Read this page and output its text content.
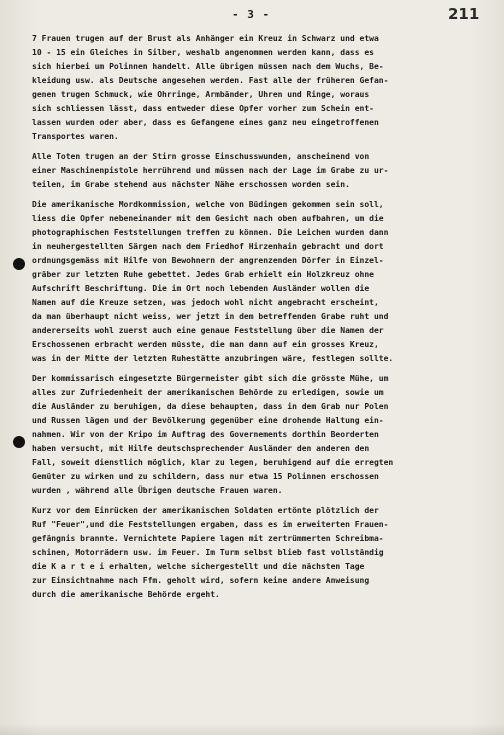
- 3 -	211
7 Frauen trugen auf der Brust als Anhänger ein Kreuz in Schwarz und etwa
10 - 15 ein Gleiches in Silber, weshalb angenommen werden kann, dass es
sich hierbei um Polinnen handelt. Alle übrigen müssen nach dem Wuchs, Be-
kleidung usw. als Deutsche angesehen werden. Fast alle der früheren Gefan-
genen trugen Schmuck, wie Ohrringe, Armbänder, Uhren und Ringe, woraus
sich schliessen lässt, dass entweder diese Opfer vorher zum Schein ent-
lassen wurden oder aber, dass es Gefangene eines ganz neu eingetroffenen
Transportes waren.
Alle Toten trugen an der Stirn grosse Einschusswunden, anscheinend von
einer Maschinenpistole herrührend und müssen nach der Lage im Grabe zu ur-
teilen, im Grabe stehend aus nächster Nähe erschossen worden sein.
Die amerikanische Mordkommission, welche von Büdingen gekommen sein soll,
liess die Opfer nebeneinander mit dem Gesicht nach oben aufbahren, um die
photographischen Feststellungen treffen zu können. Die Leichen wurden dann
in neuhergestellten Särgen nach dem Friedhof Hirzenhain gebracht und dort
ordnungsgemäss mit Hilfe von Bewohnern der angrenzenden Dörfer in Einzel-
gräber zur letzten Ruhe gebettet. Jedes Grab erhielt ein Holzkreuz ohne
Aufschrift Beschriftung. Die im Ort noch lebenden Ausländer wollen die
Namen auf die Kreuze setzen, was jedoch wohl nicht angebracht erscheint,
da man überhaupt nicht weiss, wer jetzt in dem betreffenden Grabe ruht und
andererseits wohl zuerst auch eine genaue Feststellung über die Namen der
Erschossenen erbracht werden müsste, die man dann auf ein grosses Kreuz,
was in der Mitte der letzten Ruhestätte anzubringen wäre, festlegen sollte.
Der kommissarisch eingesetzte Bürgermeister gibt sich die grösste Mühe, um
alles zur Zufriedenheit der amerikanischen Behörde zu erledigen, sowie um
die Ausländer zu beruhigen, da diese behaupten, dass in dem Grab nur Polen
und Russen lägen und der Bevölkerung gegenüber eine drohende Haltung ein-
nahmen. Wir von der Kripo im Auftrag des Governements dorthin Beorderten
haben versucht, mit Hilfe deutschsprechender Ausländer den anderen den
Fall, soweit dienstlich möglich, klar zu legen, beruhigend auf die erregten
Gemüter zu wirken und zu schildern, dass nur etwa 15 Polinnen erschossen
wurden , während alle Übrigen deutsche Frauen waren.
Kurz vor dem Einrücken der amerikanischen Soldaten ertönte plötzlich der
Ruf "Feuer",und die Feststellungen ergaben, dass es im erweiterten Frauen-
gefängnis brannte. Vernichtete Papiere lagen mit zertrümmerten Schreibma-
schinen, Motorrädern usw. im Feuer. Im Turm selbst blieb fast vollständig
die K a r t e i erhalten, welche sichergestellt und die nächsten Tage
zur Einsichtnahme nach Ffm. geholt wird, sofern keine andere Anweisung
durch die amerikanische Behörde ergeht.
